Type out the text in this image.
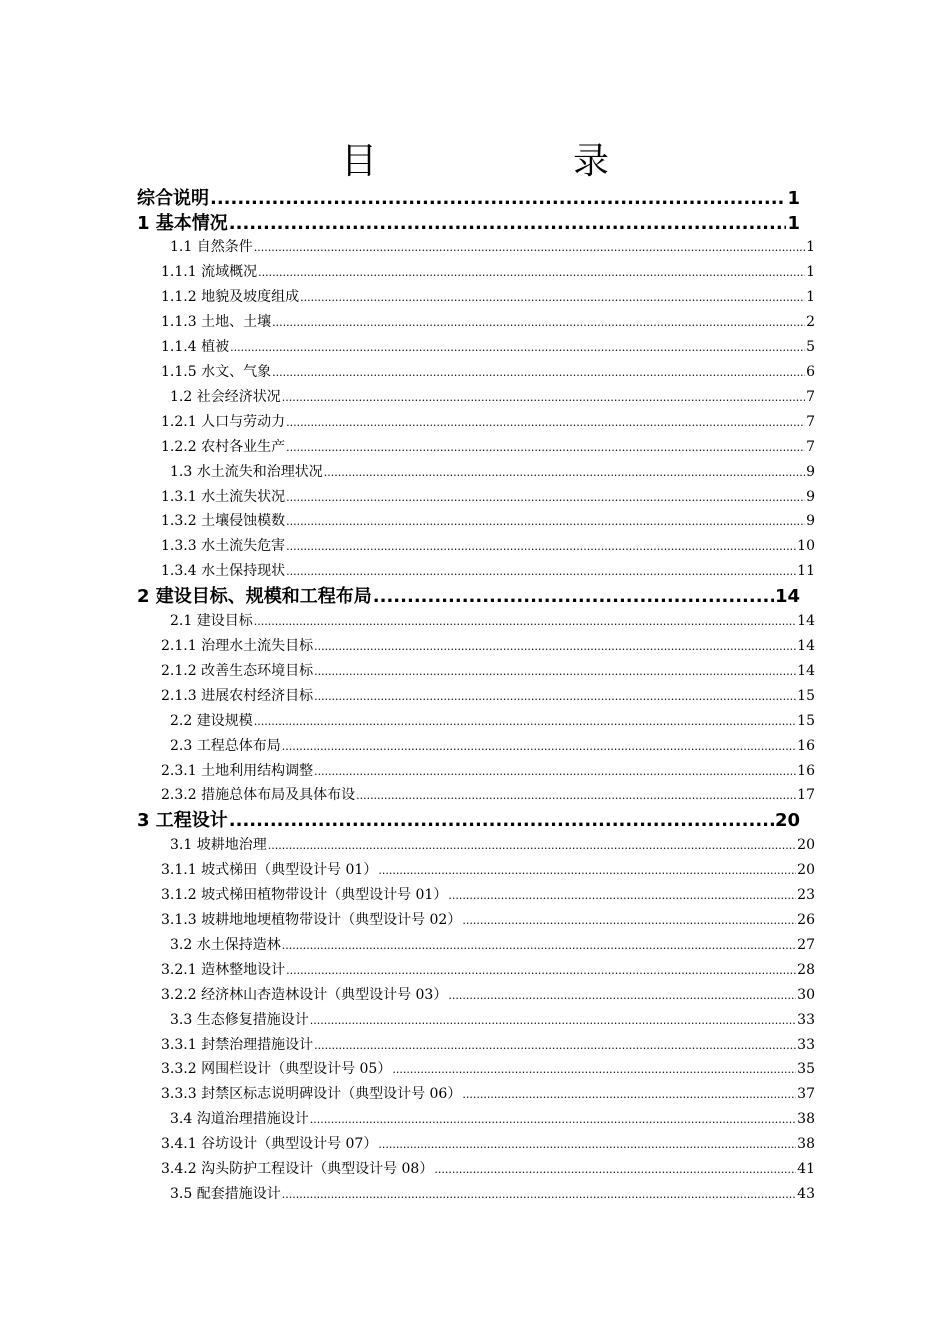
目　录
综合说明 .....	1
1 基本情况 .....	1
1.1 自然条件 .....	1
1.1.1 流域概况 .....	1
1.1.2 地貌及坡度组成 .....	1
1.1.3 土地、土壤 .....	2
1.1.4 植被 .....	5
1.1.5 水文、气象 .....	6
1.2 社会经济状况 .....	7
1.2.1 人口与劳动力 .....	7
1.2.2 农村各业生产 .....	7
1.3 水土流失和治理状况 .....	9
1.3.1 水土流失状况 .....	9
1.3.2 土壤侵蚀模数 .....	9
1.3.3 水土流失危害 .....	10
1.3.4 水土保持现状 .....	11
2 建设目标、规模和工程布局 .....	14
2.1 建设目标 .....	14
2.1.1 治理水土流失目标 .....	14
2.1.2 改善生态环境目标 .....	14
2.1.3 进展农村经济目标 .....	15
2.2 建设规模 .....	15
2.3 工程总体布局 .....	16
2.3.1 土地利用结构调整 .....	16
2.3.2 措施总体布局及具体布设 .....	17
3 工程设计 .....	20
3.1 坡耕地治理 .....	20
3.1.1 坡式梯田（典型设计号 01） .....	20
3.1.2 坡式梯田植物带设计（典型设计号 01） .....	23
3.1.3 坡耕地地埂植物带设计（典型设计号 02） .....	26
3.2 水土保持造林 .....	27
3.2.1 造林整地设计 .....	28
3.2.2 经济林山杏造林设计（典型设计号 03） .....	30
3.3 生态修复措施设计 .....	33
3.3.1 封禁治理措施设计 .....	33
3.3.2 网围栏设计（典型设计号 05） .....	35
3.3.3 封禁区标志说明碑设计（典型设计号 06） .....	37
3.4 沟道治理措施设计 .....	38
3.4.1 谷坊设计（典型设计号 07） .....	38
3.4.2 沟头防护工程设计（典型设计号 08） .....	41
3.5 配套措施设计 .....	43
